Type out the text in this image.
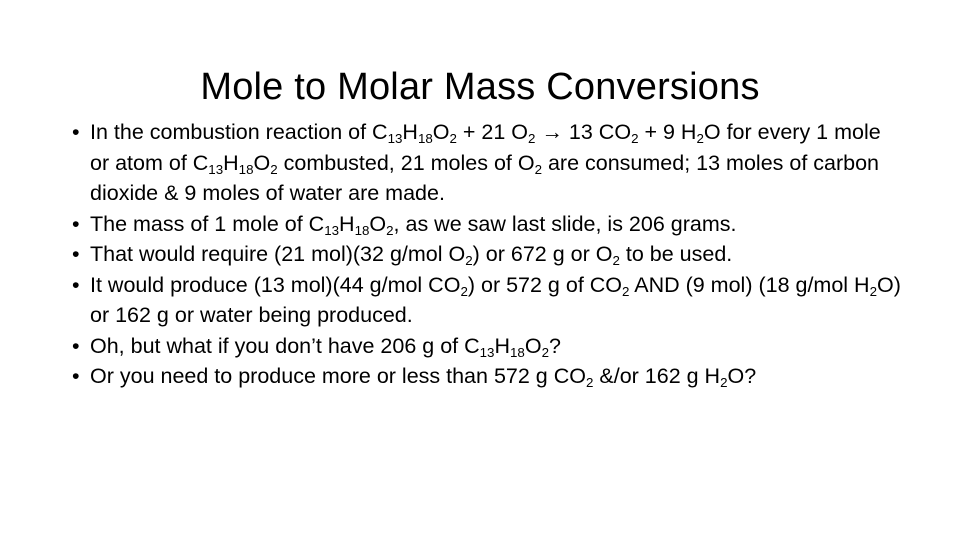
Mole to Molar Mass Conversions
• In the combustion reaction of $C_{13}H_{18}O_2 + 21$ $O_2 \to 13$ $CO_2 + 9$ $H_2O$ for every 1 mole or atom of $C_{13}H_{18}O_2$ combusted, 21 moles of $O_2$ are consumed; 13 moles of carbon dioxide & 9 moles of water are made.
• The mass of 1 mole of $C_{13}H_{18}O_2$, as we saw last slide, is 206 grams.
• That would require (21 mol)(32 g/mol $O_2$) or 672 g or $O_2$ to be used.
• It would produce (13 mol)(44 g/mol $CO_2$) or 572 g of $CO_2$ AND (9 mol) (18 g/mol $H_2O$) or 162 g or water being produced.
• Oh, but what if you don’t have 206 g of $C_{13}H_{18}O_2$?
• Or you need to produce more or less than 572 g $CO_2$ &/or 162 g $H_2O$?
